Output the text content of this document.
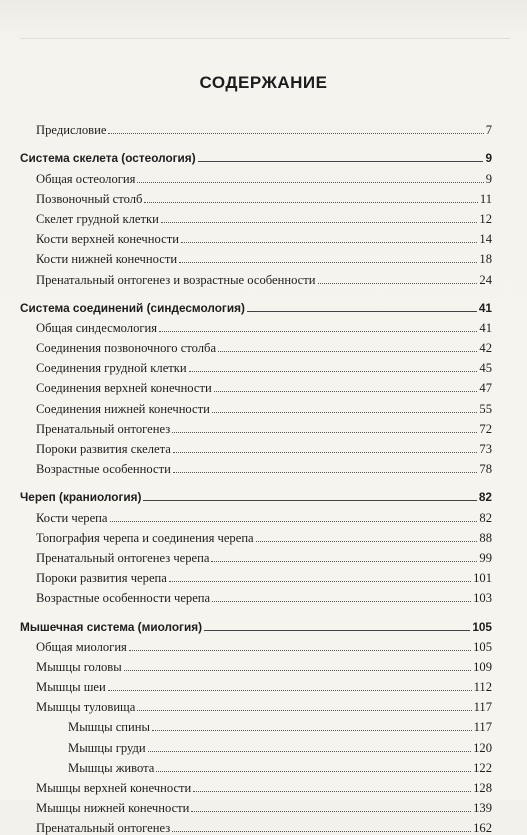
СОДЕРЖАНИЕ
Предисловие	7
Система скелета (остеология)	9
Общая остеология	9
Позвоночный столб	11
Скелет грудной клетки	12
Кости верхней конечности	14
Кости нижней конечности	18
Пренатальный онтогенез и возрастные особенности	24
Система соединений (синдесмология)	41
Общая синдесмология	41
Соединения позвоночного столба	42
Соединения грудной клетки	45
Соединения верхней конечности	47
Соединения нижней конечности	55
Пренатальный онтогенез	72
Пороки развития скелета	73
Возрастные особенности	78
Череп (краниология)	82
Кости черепа	82
Топография черепа и соединения черепа	88
Пренатальный онтогенез черепа	99
Пороки развития черепа	101
Возрастные особенности черепа	103
Мышечная система (миология)	105
Общая миология	105
Мышцы головы	109
Мышцы шеи	112
Мышцы туловища	117
Мышцы спины	117
Мышцы груди	120
Мышцы живота	122
Мышцы верхней конечности	128
Мышцы нижней конечности	139
Пренатальный онтогенез	162
